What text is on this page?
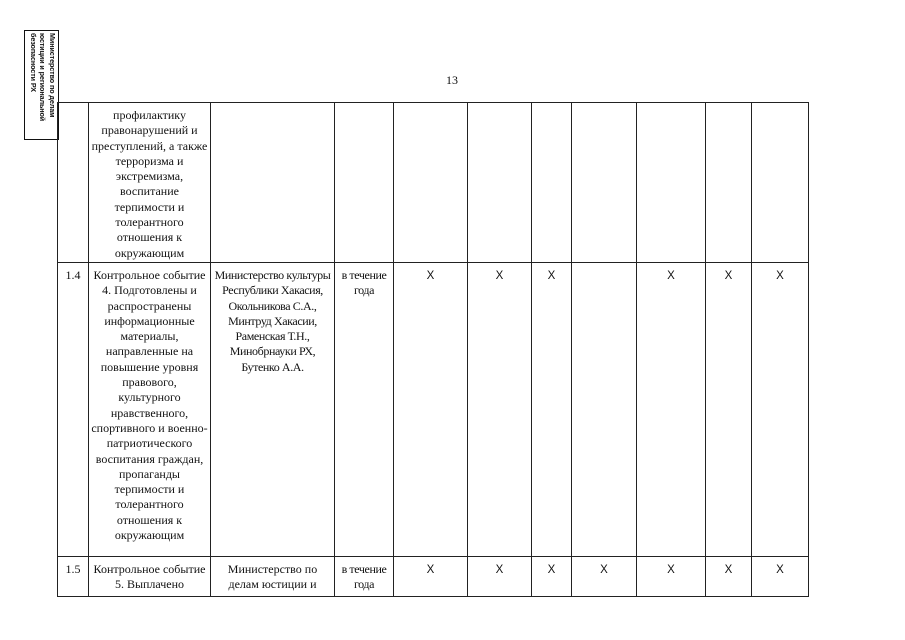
Министерство по делам
юстиции и региональной
безопасности РХ
13
	профилактику правонарушений и преступлений, а также терроризма и экстремизма, воспитание терпимости и толерантного отношения к окружающим									
1.4	Контрольное событие 4. Подготовлены и распространены информационные материалы, направленные на повышение уровня правового, культурного нравственного, спортивного и военно-патриотического воспитания граждан, пропаганды терпимости и толерантного отношения к окружающим	Министерство культуры Республики Хакасия, Окольникова С.А., Минтруд Хакасии, Раменская Т.Н., Минобрнауки РХ, Бутенко А.А.	в течение года	X	X	X		X	X	X
1.5	Контрольное событие 5. Выплачено	Министерство по делам юстиции и	в течение года	X	X	X	X	X	X	X
